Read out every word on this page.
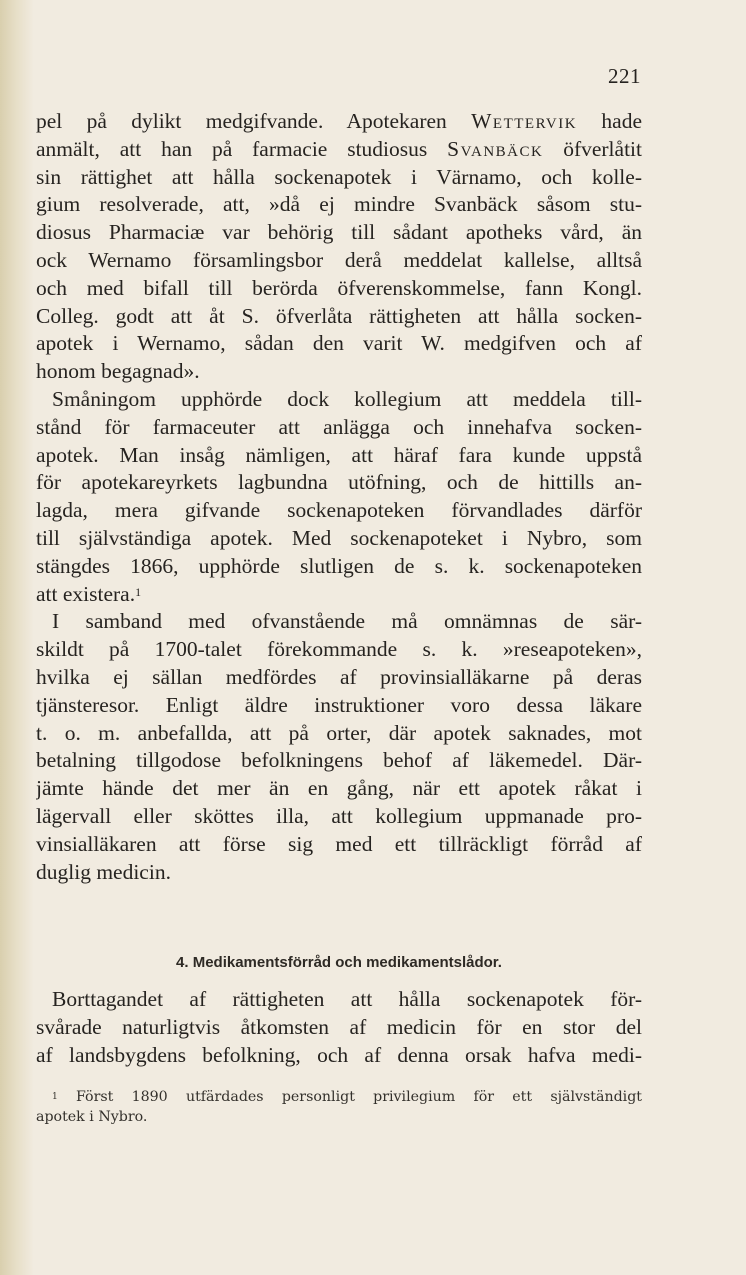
221
pel på dylikt medgifvande. Apotekaren Wettervik hade
anmält, att han på farmacie studiosus Svanbäck öfverlåtit
sin rättighet att hålla sockenapotek i Värnamo, och kolle-
gium resolverade, att, »då ej mindre Svanbäck såsom stu-
diosus Pharmaciæ var behörig till sådant apotheks vård, än
ock Wernamo församlingsbor derå meddelat kallelse, alltså
och med bifall till berörda öfverenskommelse, fann Kongl.
Colleg. godt att åt S. öfverlåta rättigheten att hålla socken-
apotek i Wernamo, sådan den varit W. medgifven och af
honom begagnad».
Småningom upphörde dock kollegium att meddela till-
stånd för farmaceuter att anlägga och innehafva socken-
apotek. Man insåg nämligen, att häraf fara kunde uppstå
för apotekareyrkets lagbundna utöfning, och de hittills an-
lagda, mera gifvande sockenapoteken förvandlades därför
till självständiga apotek. Med sockenapoteket i Nybro, som
stängdes 1866, upphörde slutligen de s. k. sockenapoteken
att existera.$^1$
I samband med ofvanstående må omnämnas de sär-
skildt på 1700-talet förekommande s. k. »reseapoteken»,
hvilka ej sällan medfördes af provinsialläkarne på deras
tjänsteresor. Enligt äldre instruktioner voro dessa läkare
t. o. m. anbefallda, att på orter, där apotek saknades, mot
betalning tillgodose befolkningens behof af läkemedel. Där-
jämte hände det mer än en gång, när ett apotek råkat i
lägervall eller sköttes illa, att kollegium uppmanade pro-
vinsialläkaren att förse sig med ett tillräckligt förråd af
duglig medicin.
4. Medikamentsförråd och medikamentslådor.
Borttagandet af rättigheten att hålla sockenapotek för-
svårade naturligtvis åtkomsten af medicin för en stor del
af landsbygdens befolkning, och af denna orsak hafva medi-
$^1$ Först 1890 utfärdades personligt privilegium för ett självständigt
apotek i Nybro.
